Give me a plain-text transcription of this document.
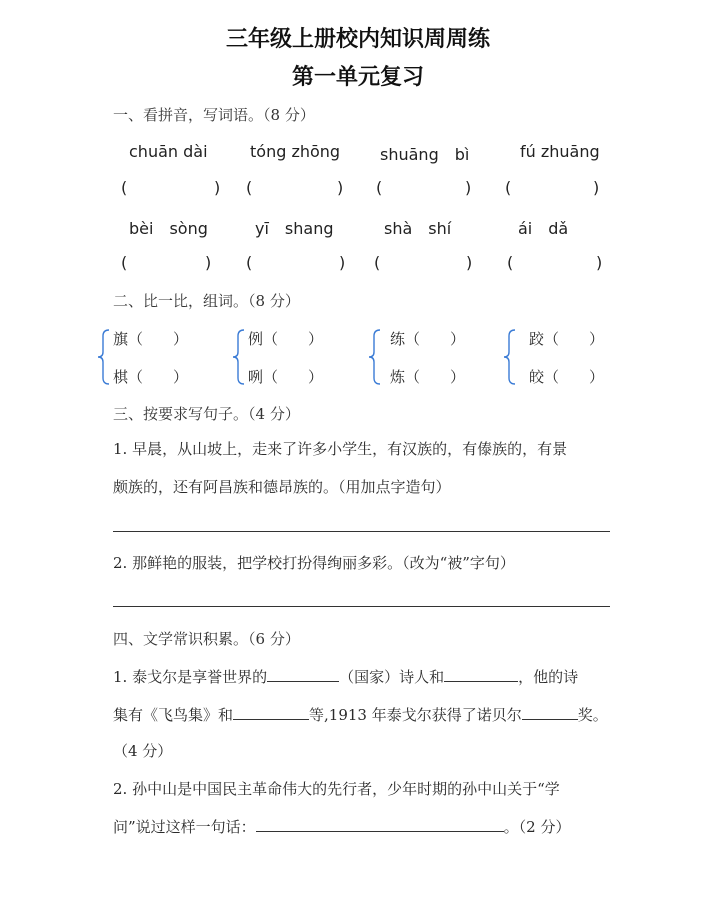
三年级上册校内知识周周练
第一单元复习
一、看拼音，写词语。（8 分）
chuān dài	tóng zhōng shuāng　bì	fú zhuāng
(	) (	) (	) (	)
bèi　sòng	yī　shang	shà　shí	ái　dǎ
(	) (	) (	) (	)
二、比一比，组词。（8 分）
旗（　　）
棋（　　）
例（　　）
咧（　　）
练（　　）
炼（　　）
跤（　　）
皎（　　）
三、按要求写句子。（4 分）
1. 早晨，从山坡上，走来了许多小学生，有汉族的，有傣族的，有景
颇族的，还有阿昌族和德昂族的。（用加点字造句）
2. 那鲜艳的服装，把学校打扮得绚丽多彩。（改为“被”字句）
四、文学常识积累。（6 分）
1. 泰戈尔是享誉世界的	（国家）诗人和	，他的诗
集有《飞鸟集》和	等,1913 年泰戈尔获得了诺贝尔	奖。
（4 分）
2. 孙中山是中国民主革命伟大的先行者，少年时期的孙中山关于“学
问”说过这样一句话：	。（2 分）
